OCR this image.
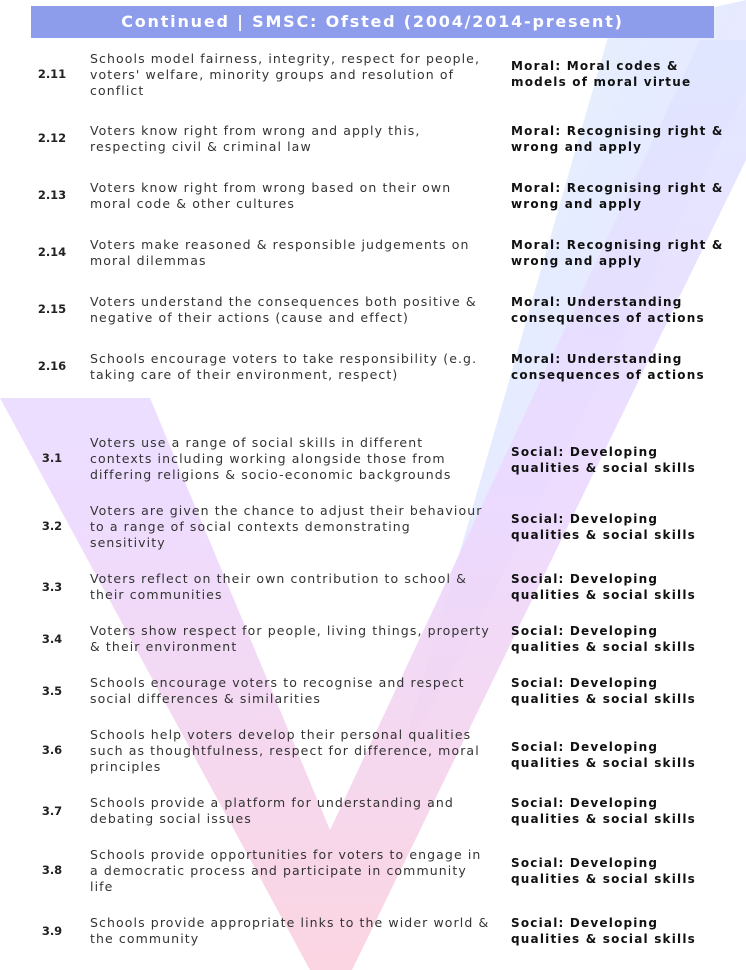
Continued | SMSC: Ofsted (2004/2014-present)
2.11
Schools model fairness, integrity, respect for people, voters' welfare, minority groups and resolution of conflict
Moral: Moral codes & models of moral virtue
2.12 Voters know right from wrong and apply this, respecting civil & criminal law
Moral: Recognising right & wrong and apply
2.13 Voters know right from wrong based on their own moral code & other cultures
Moral: Recognising right & wrong and apply
2.14 Voters make reasoned & responsible judgements on moral dilemmas
Moral: Recognising right & wrong and apply
2.15 Voters understand the consequences both positive & negative of their actions (cause and effect)
Moral: Understanding consequences of actions
2.16 Schools encourage voters to take responsibility (e.g. taking care of their environment, respect)
Moral: Understanding consequences of actions
3.1
Voters use a range of social skills in different contexts including working alongside those from differing religions & socio-economic backgrounds
Social: Developing qualities & social skills
3.2
Voters are given the chance to adjust their behaviour to a range of social contexts demonstrating sensitivity
Social: Developing qualities & social skills
3.3
Voters reflect on their own contribution to school & their communities
Social: Developing qualities & social skills
3.4
Voters show respect for people, living things, property & their environment
Social: Developing qualities & social skills
3.5
Schools encourage voters to recognise and respect social differences & similarities
Social: Developing qualities & social skills
3.6
Schools help voters develop their personal qualities such as thoughtfulness, respect for difference, moral principles
Social: Developing qualities & social skills
3.7
Schools provide a platform for understanding and debating social issues
Social: Developing qualities & social skills
3.8
Schools provide opportunities for voters to engage in a democratic process and participate in community life
Social: Developing qualities & social skills
3.9
Schools provide appropriate links to the wider world & the community
Social: Developing qualities & social skills
